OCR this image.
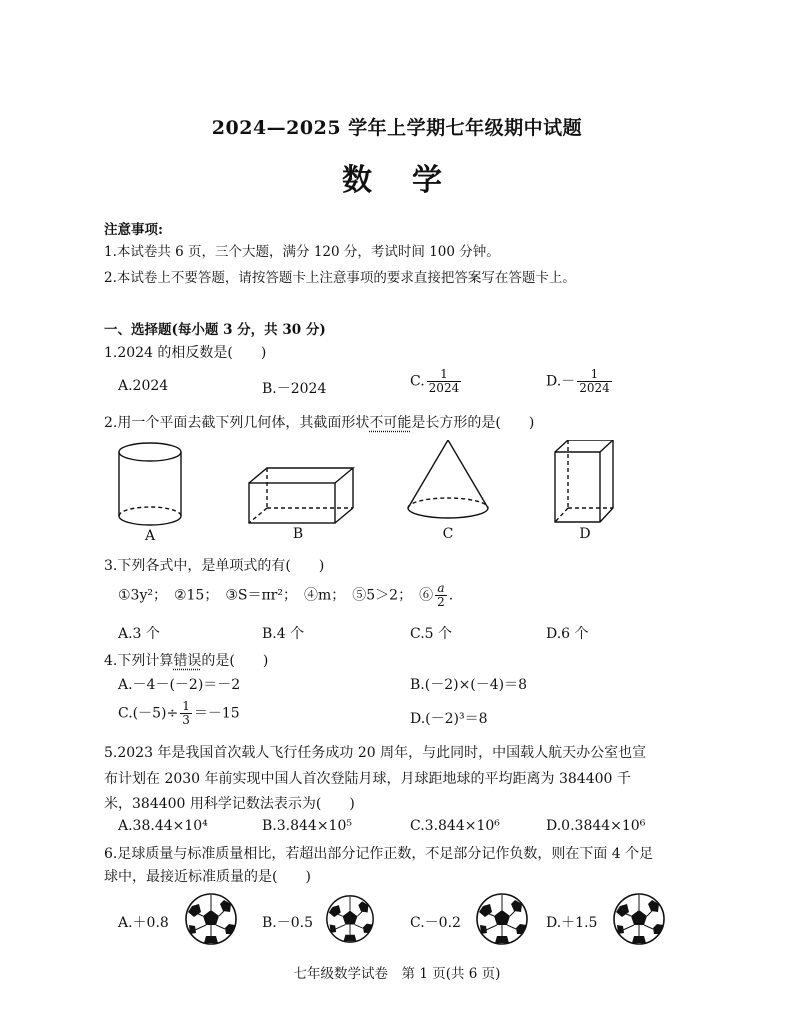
2024—2025 学年上学期七年级期中试题
数学
注意事项:
1.本试卷共 6 页，三个大题，满分 120 分，考试时间 100 分钟。
2.本试卷上不要答题，请按答题卡上注意事项的要求直接把答案写在答题卡上。
一、选择题(每小题 3 分，共 30 分)
1.2024 的相反数是(　　)
A.2024	B.－2024	C. $\frac{1}{2024}$	$D.- \frac{1}{2024}$
2.用一个平面去截下列几何体，其截面形状不可能是长方形的是(　　)
A	B	C	D
3.下列各式中，是单项式的有(　　)
①3y²；　②15；　③S＝πr²；　④m；　⑤5＞2；　⑥ $\frac{a}{2}$ .
A.3 个	B.4 个	C.5 个	D.6 个
4.下列计算错误的是(　　)
A.－4－(－2)＝－2	B.(－2)×(－4)＝8
$C.(-5)\div \frac{1}{3} =-15$	D.(－2)³＝8
5.2023 年是我国首次载人飞行任务成功 20 周年，与此同时，中国载人航天办公室也宣
布计划在 2030 年前实现中国人首次登陆月球，月球距地球的平均距离为 384400 千
米，384400 用科学记数法表示为(　　)
A.38.44×10⁴	B.3.844×10⁵	C.3.844×10⁶	D.0.3844×10⁶
6.足球质量与标准质量相比，若超出部分记作正数，不足部分记作负数，则在下面 4 个足
球中，最接近标准质量的是(　　)
A.＋0.8	B.－0.5	C.－0.2	D.＋1.5
七年级数学试卷　第 1 页(共 6 页)
